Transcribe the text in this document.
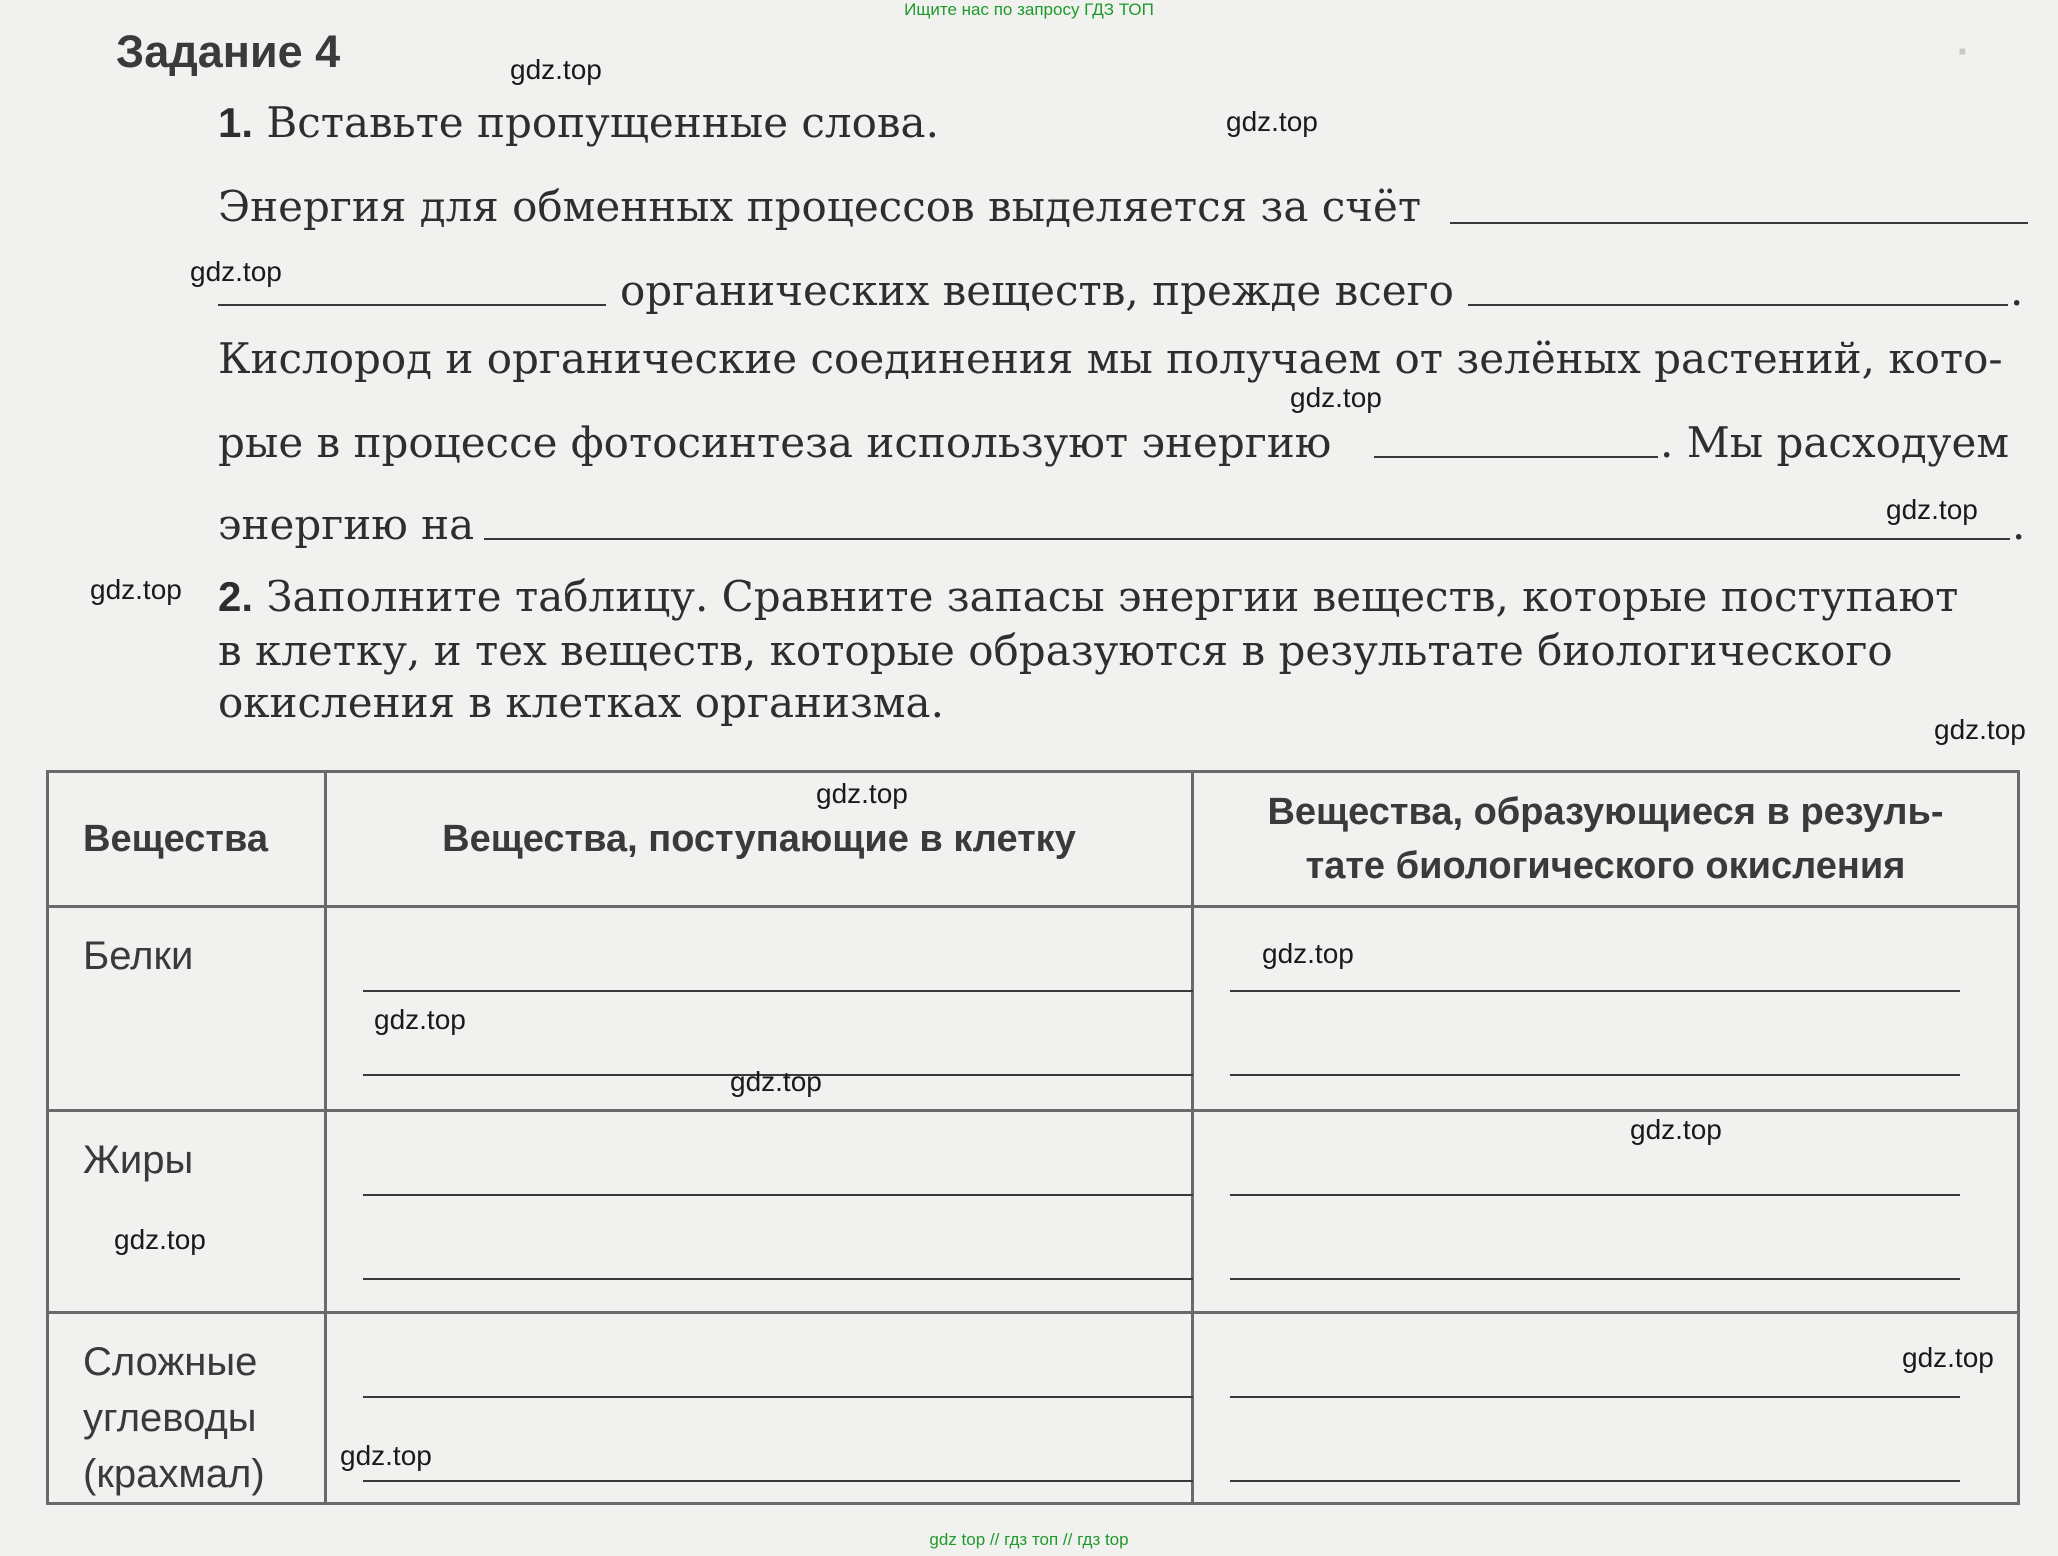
·
Ищите нас по запросу ГДЗ ТОП
Задание 4
1. Вставьте пропущенные слова.
Энергия для обменных процессов выделяется за счёт
органических веществ, прежде всего	.
Кислород и органические соединения мы получаем от зелёных растений, кото-
рые в процессе фотосинтеза используют энергию	. Мы расходуем
энергию на	.
2. Заполните таблицу. Сравните запасы энергии веществ, которые поступают
в клетку, и тех веществ, которые образуются в результате биологического
окисления в клетках организма.
Вещества	Вещества, поступающие в клетку	Вещества, образующиеся в резуль-
тате биологического окисления

Белки	

Жиры	

Сложные
углеводы
(крахмал)		

gdz.top
gdz.top
gdz.top
gdz.top
gdz.top
gdz.top
gdz.top
gdz.top
gdz.top
gdz.top
gdz.top
gdz.top
gdz.top
gdz.top
gdz.top
gdz top // гдз топ // гдз top
